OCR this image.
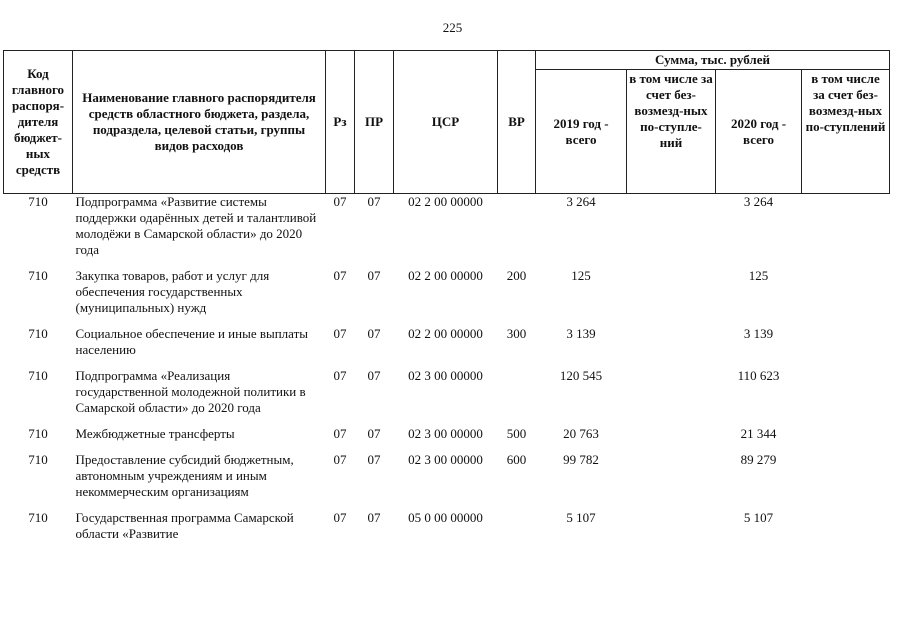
225
Код главного распоря-дителя бюджет-ных средств	Наименование главного распорядителя средств областного бюджета, раздела, подраздела, целевой статьи, группы видов расходов	Рз	ПР	ЦСР	ВР	Сумма, тыс. рублей			
						2019 год - всего	в том числе за счет без-возмезд-ных по-ступле-ний	2020 год - всего	в том числе за счет без-возмезд-ных по-ступлений
710	Подпрограмма «Развитие системы поддержки одарённых детей и талантливой молодёжи в Самарской области» до 2020 года	07	07	02 2 00 00000		3 264		3 264	
710	Закупка товаров, работ и услуг для обеспечения государственных (муниципальных) нужд	07	07	02 2 00 00000	200	125		125	
710	Социальное обеспечение и иные выплаты населению	07	07	02 2 00 00000	300	3 139		3 139	
710	Подпрограмма «Реализация государственной молодежной политики в Самарской области» до 2020 года	07	07	02 3 00 00000		120 545		110 623	
710	Межбюджетные трансферты	07	07	02 3 00 00000	500	20 763		21 344	
710	Предоставление субсидий бюджетным, автономным учреждениям и иным некоммерческим организациям	07	07	02 3 00 00000	600	99 782		89 279	
710	Государственная программа Самарской области «Развитие	07	07	05 0 00 00000		5 107		5 107	
